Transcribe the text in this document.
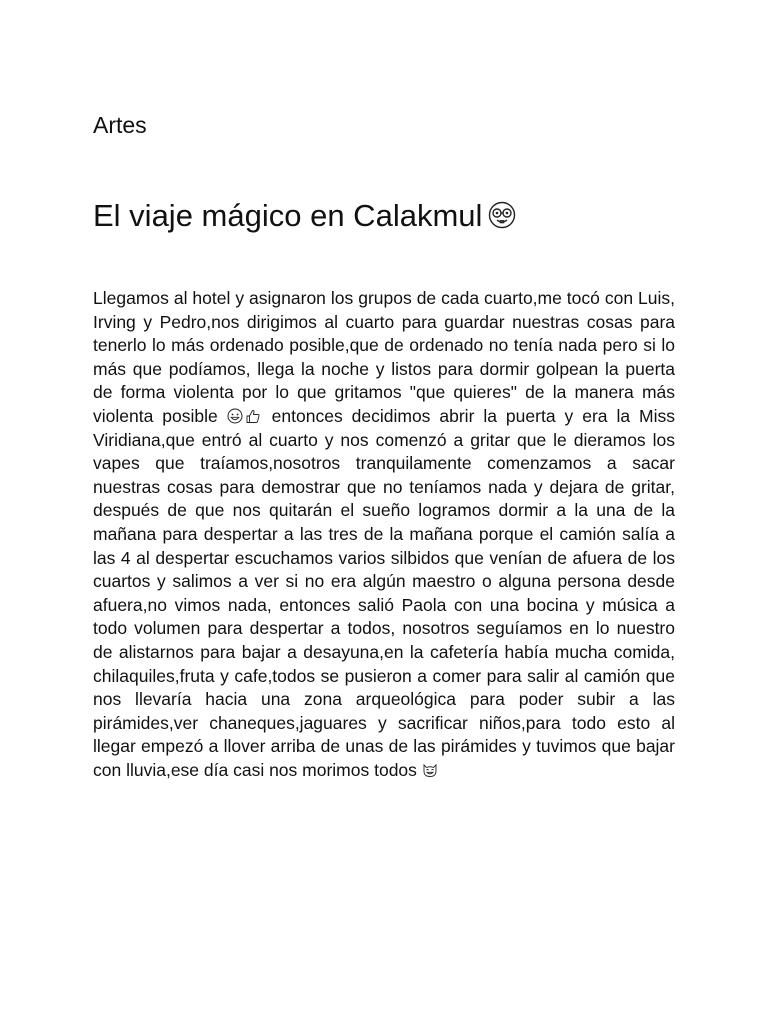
Artes
El viaje mágico en Calakmul

Llegamos al hotel y asignaron los grupos de cada cuarto,me tocó con Luis, Irving y Pedro,nos dirigimos al cuarto para guardar nuestras cosas para tenerlo lo más ordenado posible,que de ordenado no tenía nada pero si lo más que podíamos, llega la noche y listos para dormir golpean la puerta de forma violenta por lo que gritamos "que quieres" de la manera más violenta posible	entonces decidimos abrir la puerta y era la Miss Viridiana,que entró al cuarto y nos comenzó a gritar que le dieramos los vapes que traíamos,nosotros tranquilamente comenzamos a sacar nuestras cosas para demostrar que no teníamos nada y dejara de gritar, después de que nos quitarán el sueño logramos dormir a la una de la mañana para despertar a las tres de la mañana porque el camión salía a las 4 al despertar escuchamos varios silbidos que venían de afuera de los cuartos y salimos a ver si no era algún maestro o alguna persona desde afuera,no vimos nada, entonces salió Paola con una bocina y música a todo volumen para despertar a todos, nosotros seguíamos en lo nuestro de alistarnos para bajar a desayuna,en la cafetería había mucha comida, chilaquiles,fruta y cafe,todos se pusieron a comer para salir al camión que nos llevaría hacia una zona arqueológica para poder subir a las pirámides,ver chaneques,jaguares y sacrificar niños,para todo esto al llegar empezó a llover arriba de unas de las pirámides y tuvimos que bajar con lluvia,ese día casi nos morimos todos
